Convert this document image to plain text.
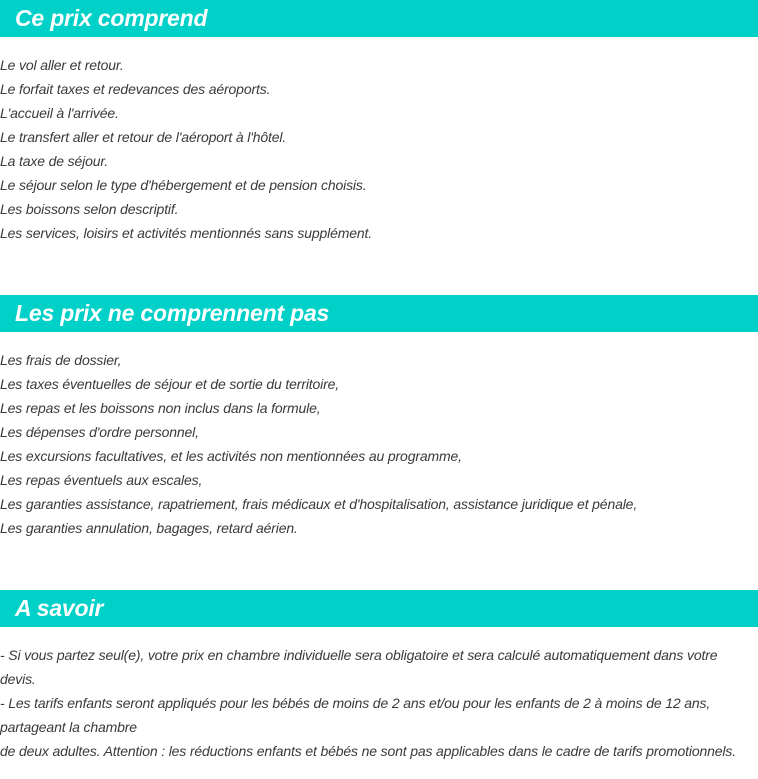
Ce prix comprend
Le vol aller et retour.
Le forfait taxes et redevances des aéroports.
L'accueil à l'arrivée.
Le transfert aller et retour de l'aéroport à l'hôtel.
La taxe de séjour.
Le séjour selon le type d'hébergement et de pension choisis.
Les boissons selon descriptif.
Les services, loisirs et activités mentionnés sans supplément.
Les prix ne comprennent pas
Les frais de dossier,
Les taxes éventuelles de séjour et de sortie du territoire,
Les repas et les boissons non inclus dans la formule,
Les dépenses d'ordre personnel,
Les excursions facultatives, et les activités non mentionnées au programme,
Les repas éventuels aux escales,
Les garanties assistance, rapatriement, frais médicaux et d'hospitalisation, assistance juridique et pénale,
Les garanties annulation, bagages, retard aérien.
A savoir

- Si vous partez seul(e), votre prix en chambre individuelle sera obligatoire et sera calculé automatiquement dans votre devis.

- Les tarifs enfants seront appliqués pour les bébés de moins de 2 ans et/ou pour les enfants de 2 à moins de 12 ans, partageant la chambre

de deux adultes. Attention : les réductions enfants et bébés ne sont pas applicables dans le cadre de tarifs promotionnels.
